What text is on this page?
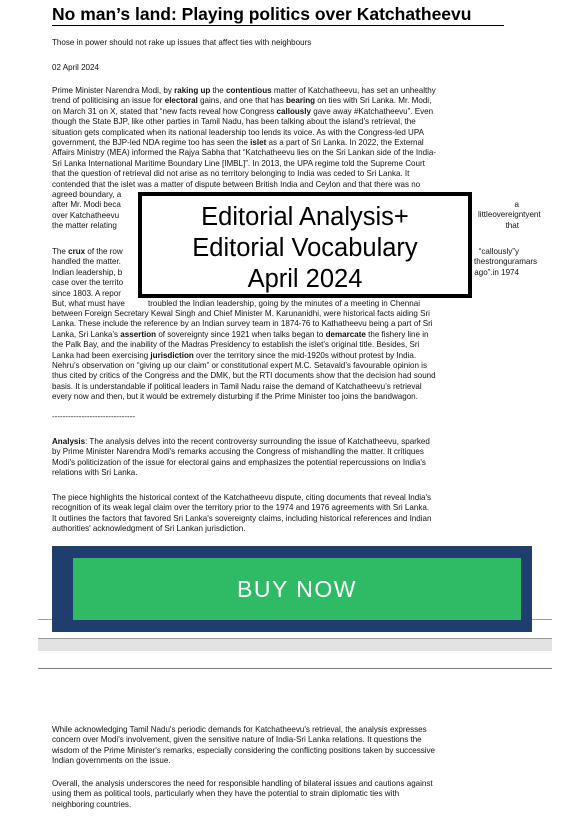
No man’s land: Playing politics over Katchatheevu
Those in power should not rake up issues that affect ties with neighbours
02 April 2024
Prime Minister Narendra Modi, by raking up the contentious matter of Katchatheevu, has set an unhealthy
trend of politicising an issue for electoral gains, and one that has bearing on ties with Sri Lanka. Mr. Modi,
on March 31 on X, stated that “new facts reveal how Congress callously gave away #Katchatheevu”. Even
though the State BJP, like other parties in Tamil Nadu, has been talking about the island’s retrieval, the
situation gets complicated when its national leadership too lends its voice. As with the Congress-led UPA
government, the BJP-led NDA regime too has seen the islet as a part of Sri Lanka. In 2022, the External
Affairs Ministry (MEA) informed the Rajya Sabha that “Katchatheevu lies on the Sri Lankan side of the India-
Sri Lanka International Maritime Boundary Line [IMBL]”. In 2013, the UPA regime told the Supreme Court
that the question of retrieval did not arise as no territory belonging to India was ceded to Sri Lanka. It
contended that the islet was a matter of dispute between British India and Ceylon and that there was no
agreed boundary, a
after Mr. Modi beca
over Katchatheevu
the matter relating
a littleovereigntyent that
The crux of the row
handled the matter.
Indian leadership, b
case over the territo
since 1803. A repor
But, what must have
“callously”y thestronguramars ago”.in 1974
troubled the Indian leadership, going by the minutes of a meeting in Chennai
between Foreign Secretary Kewal Singh and Chief Minister M. Karunanidhi, were historical facts aiding Sri
Lanka. These include the reference by an Indian survey team in 1874-76 to Kathatheevu being a part of Sri
Lanka, Sri Lanka’s assertion of sovereignty since 1921 when talks began to demarcate the fishery line in
the Palk Bay, and the inability of the Madras Presidency to establish the islet’s original title. Besides, Sri
Lanka had been exercising jurisdiction over the territory since the mid-1920s without protest by India.
Nehru’s observation on “giving up our claim” or constitutional expert M.C. Setavald’s favourable opinion is
thus cited by critics of the Congress and the DMK, but the RTI documents show that the decision had sound
basis. It is understandable if political leaders in Tamil Nadu raise the demand of Katchatheevu’s retrieval
every now and then, but it would be extremely disturbing if the Prime Minister too joins the bandwagon.
-------------------------------
Editorial Analysis+
Editorial Vocabulary
April 2024
Analysis: The analysis delves into the recent controversy surrounding the issue of Katchatheevu, sparked
by Prime Minister Narendra Modi's remarks accusing the Congress of mishandling the matter. It critiques
Modi's politicization of the issue for electoral gains and emphasizes the potential repercussions on India's
relations with Sri Lanka.
The piece highlights the historical context of the Katchatheevu dispute, citing documents that reveal India's
recognition of its weak legal claim over the territory prior to the 1974 and 1976 agreements with Sri Lanka.
It outlines the factors that favored Sri Lanka's sovereignty claims, including historical references and Indian
authorities' acknowledgment of Sri Lankan jurisdiction.
BUY NOW
While acknowledging Tamil Nadu's periodic demands for Katchatheevu's retrieval, the analysis expresses
concern over Modi's involvement, given the sensitive nature of India-Sri Lanka relations. It questions the
wisdom of the Prime Minister's remarks, especially considering the conflicting positions taken by successive
Indian governments on the issue.
Overall, the analysis underscores the need for responsible handling of bilateral issues and cautions against
using them as political tools, particularly when they have the potential to strain diplomatic ties with
neighboring countries.
